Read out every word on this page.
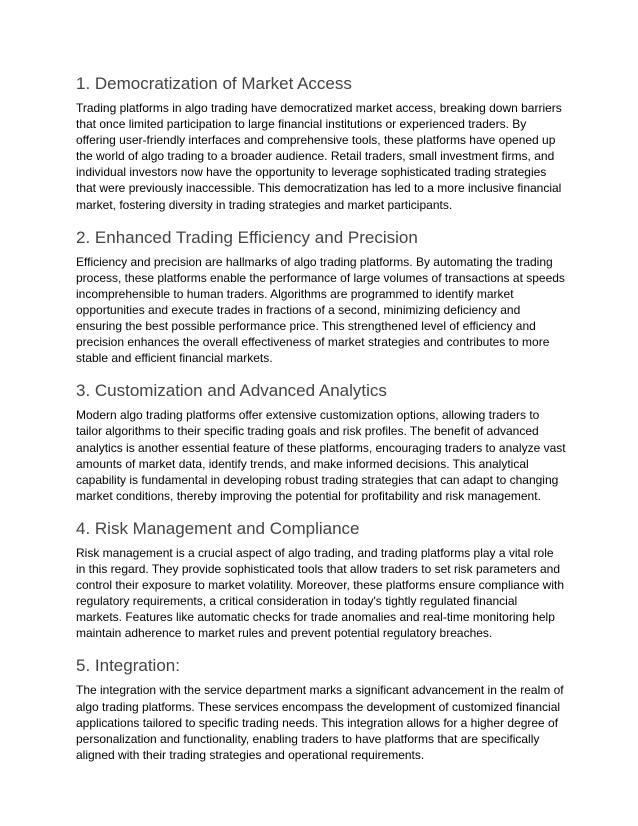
1. Democratization of Market Access

Trading platforms in algo trading have democratized market access, breaking down barriers that once limited participation to large financial institutions or experienced traders. By offering user-friendly interfaces and comprehensive tools, these platforms have opened up the world of algo trading to a broader audience. Retail traders, small investment firms, and individual investors now have the opportunity to leverage sophisticated trading strategies that were previously inaccessible. This democratization has led to a more inclusive financial market, fostering diversity in trading strategies and market participants.

2. Enhanced Trading Efficiency and Precision

Efficiency and precision are hallmarks of algo trading platforms. By automating the trading process, these platforms enable the performance of large volumes of transactions at speeds incomprehensible to human traders. Algorithms are programmed to identify market opportunities and execute trades in fractions of a second, minimizing deficiency and ensuring the best possible performance price. This strengthened level of efficiency and precision enhances the overall effectiveness of market strategies and contributes to more stable and efficient financial markets.

3. Customization and Advanced Analytics

Modern algo trading platforms offer extensive customization options, allowing traders to tailor algorithms to their specific trading goals and risk profiles. The benefit of advanced analytics is another essential feature of these platforms, encouraging traders to analyze vast amounts of market data, identify trends, and make informed decisions. This analytical capability is fundamental in developing robust trading strategies that can adapt to changing market conditions, thereby improving the potential for profitability and risk management.

4. Risk Management and Compliance

Risk management is a crucial aspect of algo trading, and trading platforms play a vital role in this regard. They provide sophisticated tools that allow traders to set risk parameters and control their exposure to market volatility. Moreover, these platforms ensure compliance with regulatory requirements, a critical consideration in today's tightly regulated financial markets. Features like automatic checks for trade anomalies and real-time monitoring help maintain adherence to market rules and prevent potential regulatory breaches.

5. Integration:

The integration with the service department marks a significant advancement in the realm of algo trading platforms. These services encompass the development of customized financial applications tailored to specific trading needs. This integration allows for a higher degree of personalization and functionality, enabling traders to have platforms that are specifically aligned with their trading strategies and operational requirements.
